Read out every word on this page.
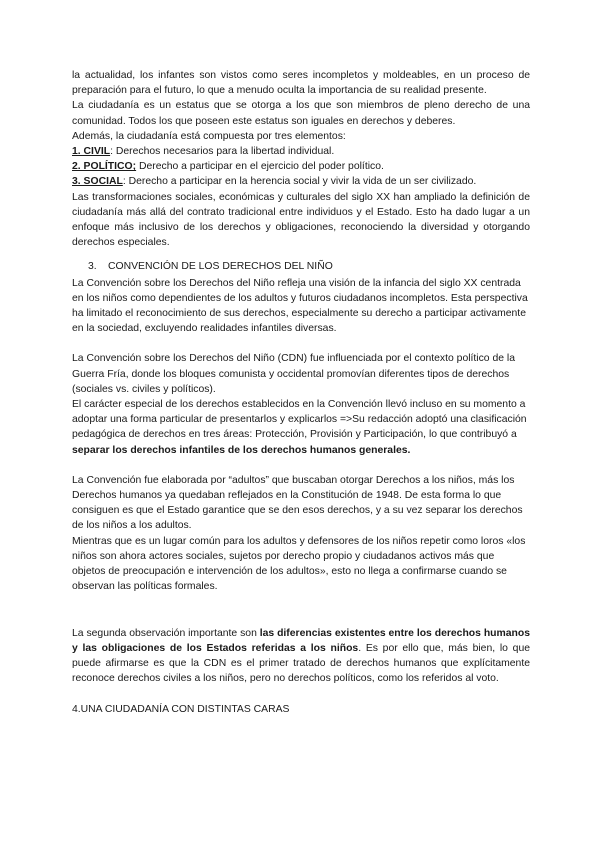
la actualidad, los infantes son vistos como seres incompletos y moldeables, en un proceso de preparación para el futuro, lo que a menudo oculta la importancia de su realidad presente.

La ciudadanía es un estatus que se otorga a los que son miembros de pleno derecho de una comunidad. Todos los que poseen este estatus son iguales en derechos y deberes.

Además, la ciudadanía está compuesta por tres elementos:

1. CIVIL: Derechos necesarios para la libertad individual.

2. POLÍTICO; Derecho a participar en el ejercicio del poder político.

3. SOCIAL: Derecho a participar en la herencia social y vivir la vida de un ser civilizado.

Las transformaciones sociales, económicas y culturales del siglo XX han ampliado la definición de ciudadanía más allá del contrato tradicional entre individuos y el Estado. Esto ha dado lugar a un enfoque más inclusivo de los derechos y obligaciones, reconociendo la diversidad y otorgando derechos especiales.

3. CONVENCIÓN DE LOS DERECHOS DEL NIÑO

La Convención sobre los Derechos del Niño refleja una visión de la infancia del siglo XX centrada en los niños como dependientes de los adultos y futuros ciudadanos incompletos. Esta perspectiva ha limitado el reconocimiento de sus derechos, especialmente su derecho a participar activamente en la sociedad, excluyendo realidades infantiles diversas.

La Convención sobre los Derechos del Niño (CDN) fue influenciada por el contexto político de la Guerra Fría, donde los bloques comunista y occidental promovían diferentes tipos de derechos (sociales vs. civiles y políticos).

El carácter especial de los derechos establecidos en la Convención llevó incluso en su momento a adoptar una forma particular de presentarlos y explicarlos =>Su redacción adoptó una clasificación pedagógica de derechos en tres áreas: Protección, Provisión y Participación, lo que contribuyó a separar los derechos infantiles de los derechos humanos generales.

La Convención fue elaborada por “adultos” que buscaban otorgar Derechos a los niños, más los Derechos humanos ya quedaban reflejados en la Constitución de 1948. De esta forma lo que consiguen es que el Estado garantice que se den esos derechos, y a su vez separar los derechos de los niños a los adultos.

Mientras que es un lugar común para los adultos y defensores de los niños repetir como loros «los niños son ahora actores sociales, sujetos por derecho propio y ciudadanos activos más que objetos de preocupación e intervención de los adultos», esto no llega a confirmarse cuando se observan las políticas formales.

La segunda observación importante son las diferencias existentes entre los derechos humanos y las obligaciones de los Estados referidas a los niños. Es por ello que, más bien, lo que puede afirmarse es que la CDN es el primer tratado de derechos humanos que explícitamente reconoce derechos civiles a los niños, pero no derechos políticos, como los referidos al voto.

4.UNA CIUDADANÍA CON DISTINTAS CARAS
